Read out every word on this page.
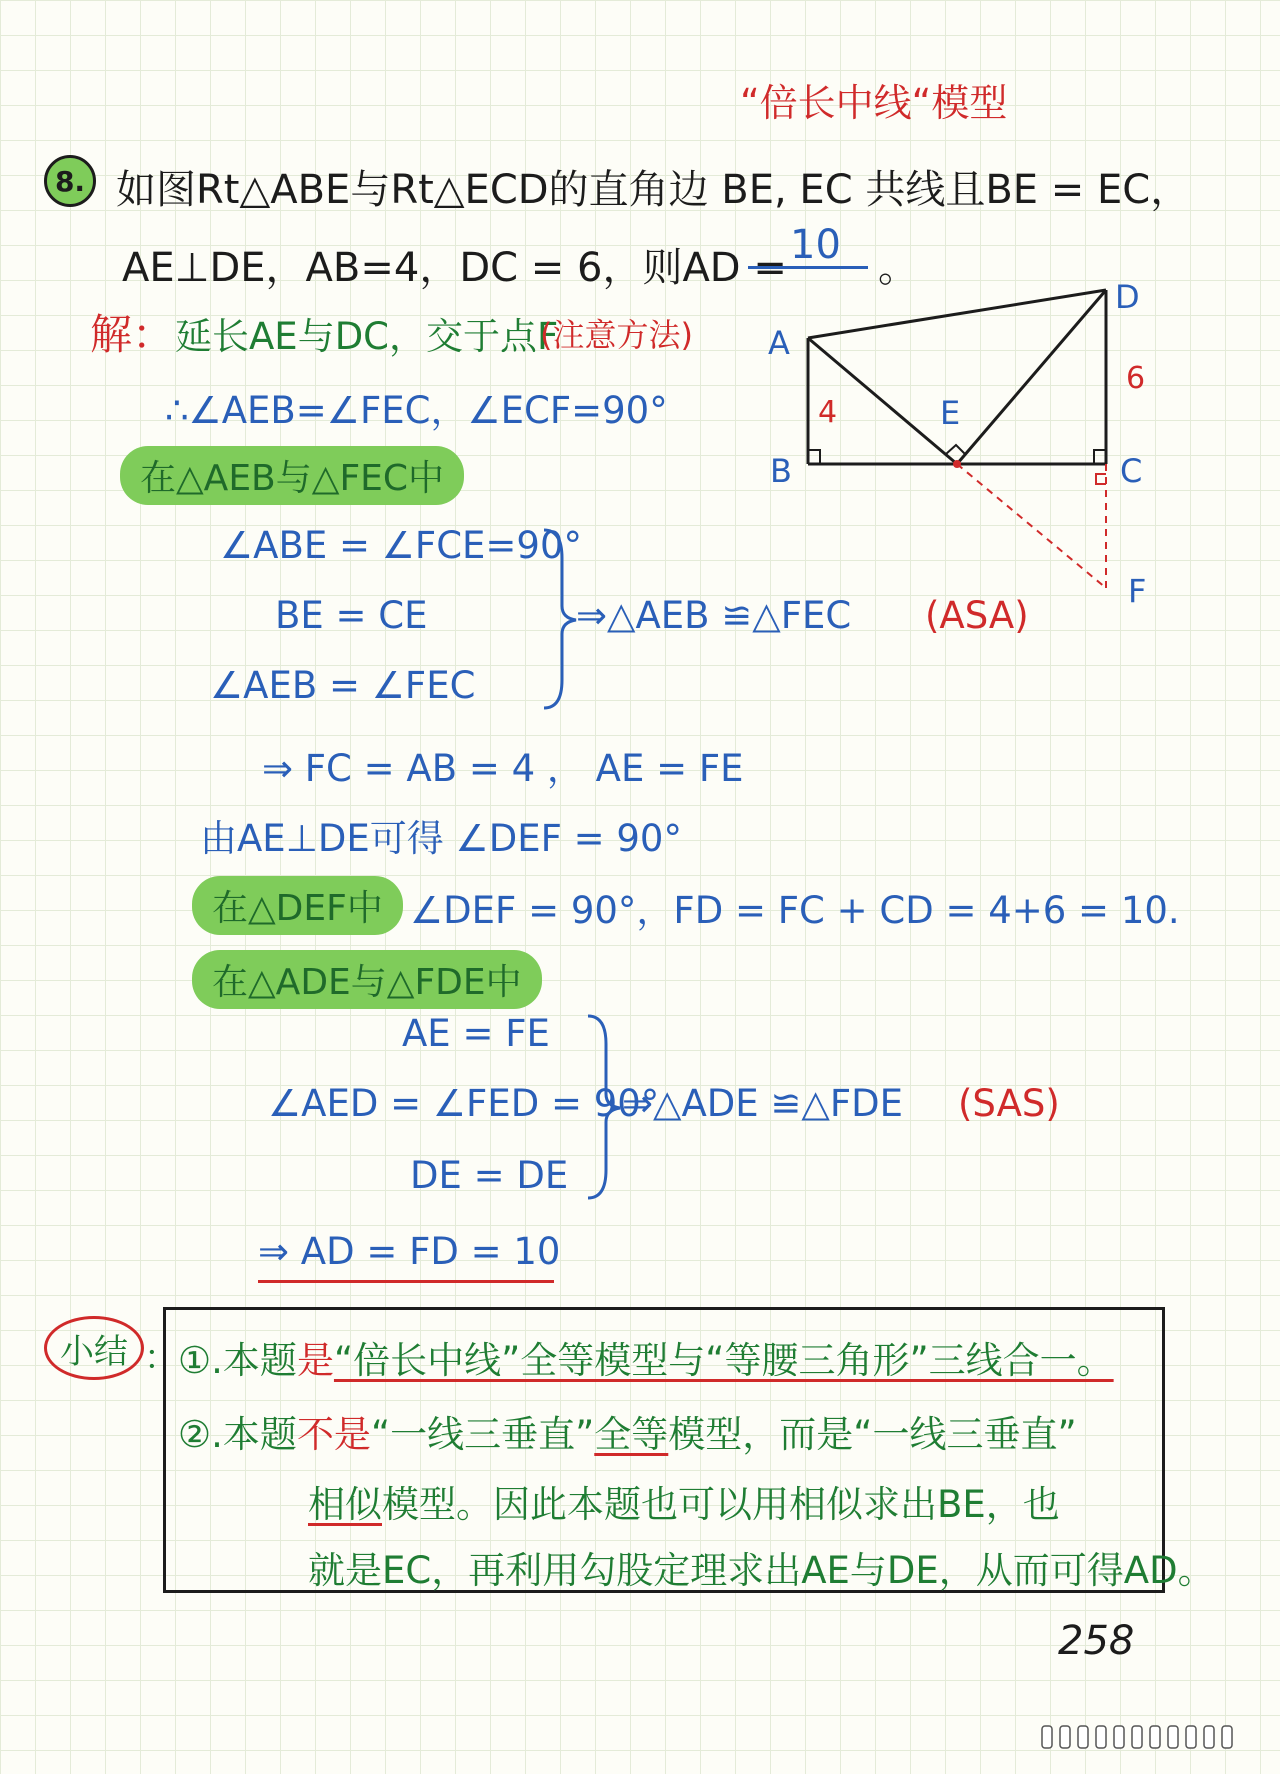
“倍长中线“模型
8. 如图Rt△ABE与Rt△ECD的直角边 BE, EC 共线且BE = EC，
AE⊥DE，AB=4，DC = 6，则AD = 10 。
解： 延长AE与DC，交于点F
(注意方法)
∴∠AEB=∠FEC，∠ECF=90°
在△AEB与△FEC中
∠ABE = ∠FCE=90°
BE = CE
∠AEB = ∠FEC
⇒△AEB ≌△FEC (ASA)
⇒ FC = AB = 4 ， AE = FE
由AE⊥DE可得 ∠DEF = 90°
在△DEF中 ∠DEF = 90°，FD = FC + CD = 4+6 = 10.
在△ADE与△FDE中
AE = FE
∠AED = ∠FED = 90°
DE = DE
⇒△ADE ≌△FDE (SAS)
⇒ AD = FD = 10
A
B	C
D
E
F
4
6
小结 ： ①.本题是“倍长中线”全等模型与“等腰三角形”三线合一。
②.本题不是“一线三垂直”全等模型，而是“一线三垂直”
相似模型。因此本题也可以用相似求出BE，也
就是EC，再利用勾股定理求出AE与DE，从而可得AD。
258
